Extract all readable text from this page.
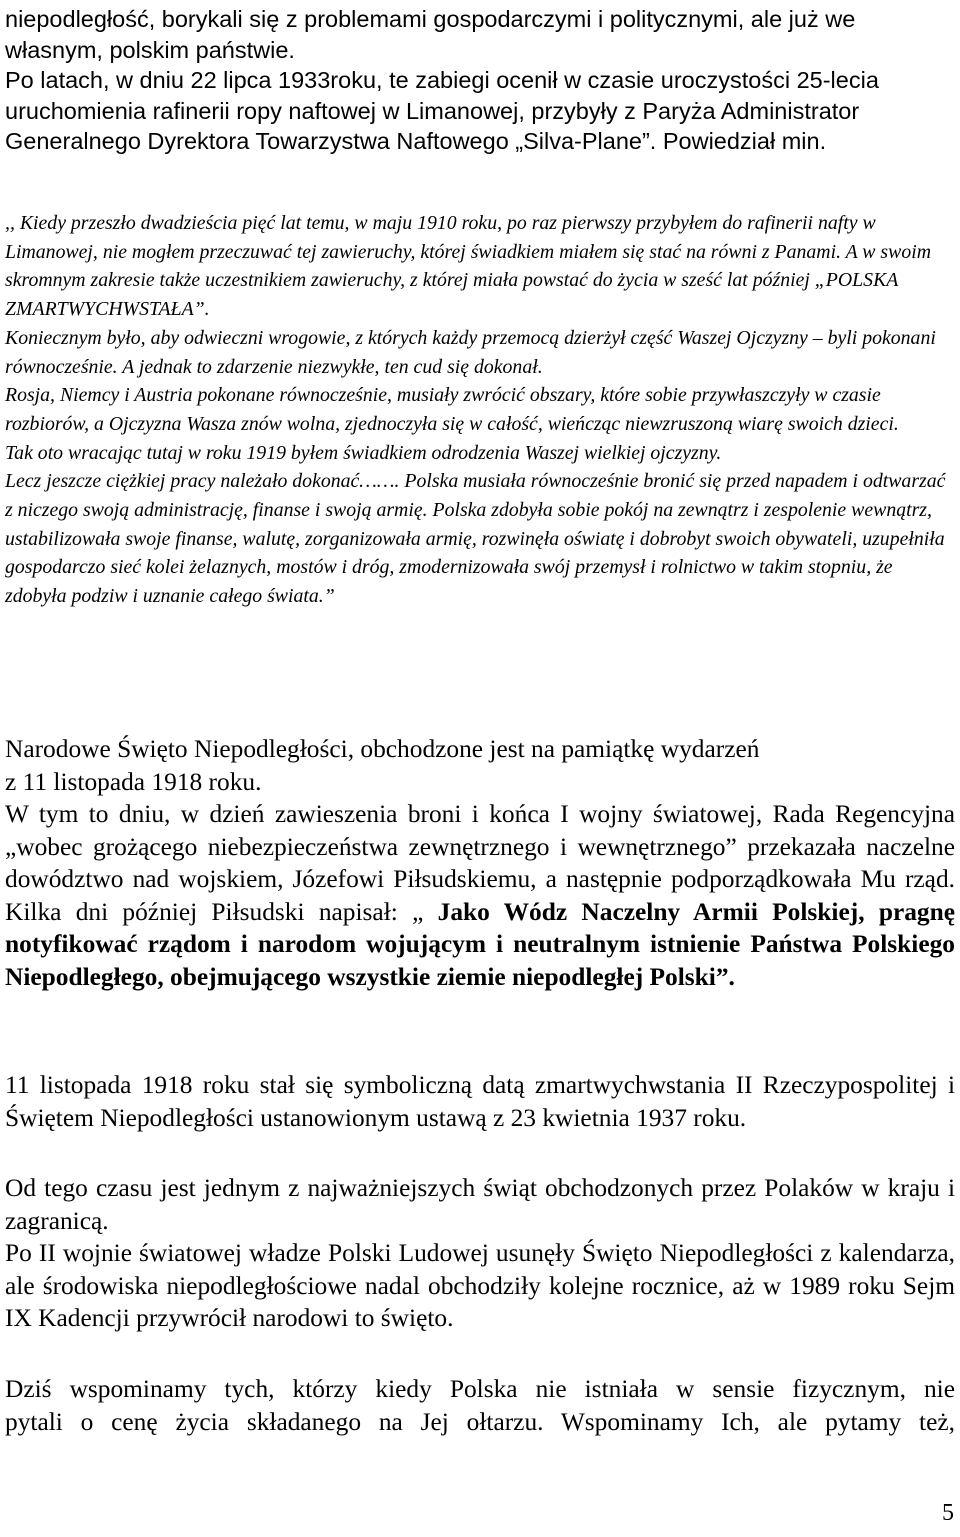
niepodległość, borykali się z problemami gospodarczymi i politycznymi, ale już we własnym, polskim państwie.

Po latach, w dniu 22 lipca 1933roku, te zabiegi ocenił w czasie uroczystości 25-lecia uruchomienia rafinerii ropy naftowej w Limanowej, przybyły z Paryża Administrator Generalnego Dyrektora Towarzystwa Naftowego „Silva-Plane”. Powiedział min.

,, Kiedy przeszło dwadzieścia pięć lat temu, w maju 1910 roku, po raz pierwszy przybyłem do rafinerii nafty w Limanowej, nie mogłem przeczuwać tej zawieruchy, której świadkiem miałem się stać na równi z Panami. A w swoim skromnym zakresie także uczestnikiem zawieruchy, z której miała powstać do życia w sześć lat później „POLSKA ZMARTWYCHWSTAŁA”.

Koniecznym było, aby odwieczni wrogowie, z których każdy przemocą dzierżył część Waszej Ojczyzny – byli pokonani równocześnie. A jednak to zdarzenie niezwykłe, ten cud się dokonał.

Rosja, Niemcy i Austria pokonane równocześnie, musiały zwrócić obszary, które sobie przywłaszczyły w czasie rozbiorów, a Ojczyzna Wasza znów wolna, zjednoczyła się w całość, wieńcząc niewzruszoną wiarę swoich dzieci.

Tak oto wracając tutaj w roku 1919 byłem świadkiem odrodzenia Waszej wielkiej ojczyzny.

Lecz jeszcze ciężkiej pracy należało dokonać……. Polska musiała równocześnie bronić się przed napadem i odtwarzać z niczego swoją administrację, finanse i swoją armię. Polska zdobyła sobie pokój na zewnątrz i zespolenie wewnątrz, ustabilizowała swoje finanse, walutę, zorganizowała armię, rozwinęła oświatę i dobrobyt swoich obywateli, uzupełniła gospodarczo sieć kolei żelaznych, mostów i dróg, zmodernizowała swój przemysł i rolnictwo w takim stopniu, że zdobyła podziw i uznanie całego świata.”

Narodowe Święto Niepodległości, obchodzone jest na pamiątkę wydarzeń

z 11 listopada 1918 roku.

W tym to dniu, w dzień zawieszenia broni i końca I wojny światowej, Rada Regencyjna „wobec grożącego niebezpieczeństwa zewnętrznego i wewnętrznego” przekazała naczelne dowództwo nad wojskiem, Józefowi Piłsudskiemu, a następnie podporządkowała Mu rząd. Kilka dni później Piłsudski napisał: „ Jako Wódz Naczelny Armii Polskiej, pragnę notyfikować rządom i narodom wojującym i neutralnym istnienie Państwa Polskiego Niepodległego, obejmującego wszystkie ziemie niepodległej Polski”.

11 listopada 1918 roku stał się symboliczną datą zmartwychwstania II Rzeczypospolitej i Świętem Niepodległości ustanowionym ustawą z 23 kwietnia 1937 roku.

Od tego czasu jest jednym z najważniejszych świąt obchodzonych przez Polaków w kraju i zagranicą.

Po II wojnie światowej władze Polski Ludowej usunęły Święto Niepodległości z kalendarza, ale środowiska niepodległościowe nadal obchodziły kolejne rocznice, aż w 1989 roku Sejm IX Kadencji przywrócił narodowi to święto.

Dziś wspominamy tych, którzy kiedy Polska nie istniała w sensie fizycznym, nie

pytali o cenę życia składanego na Jej ołtarzu. Wspominamy Ich, ale pytamy też,

5
